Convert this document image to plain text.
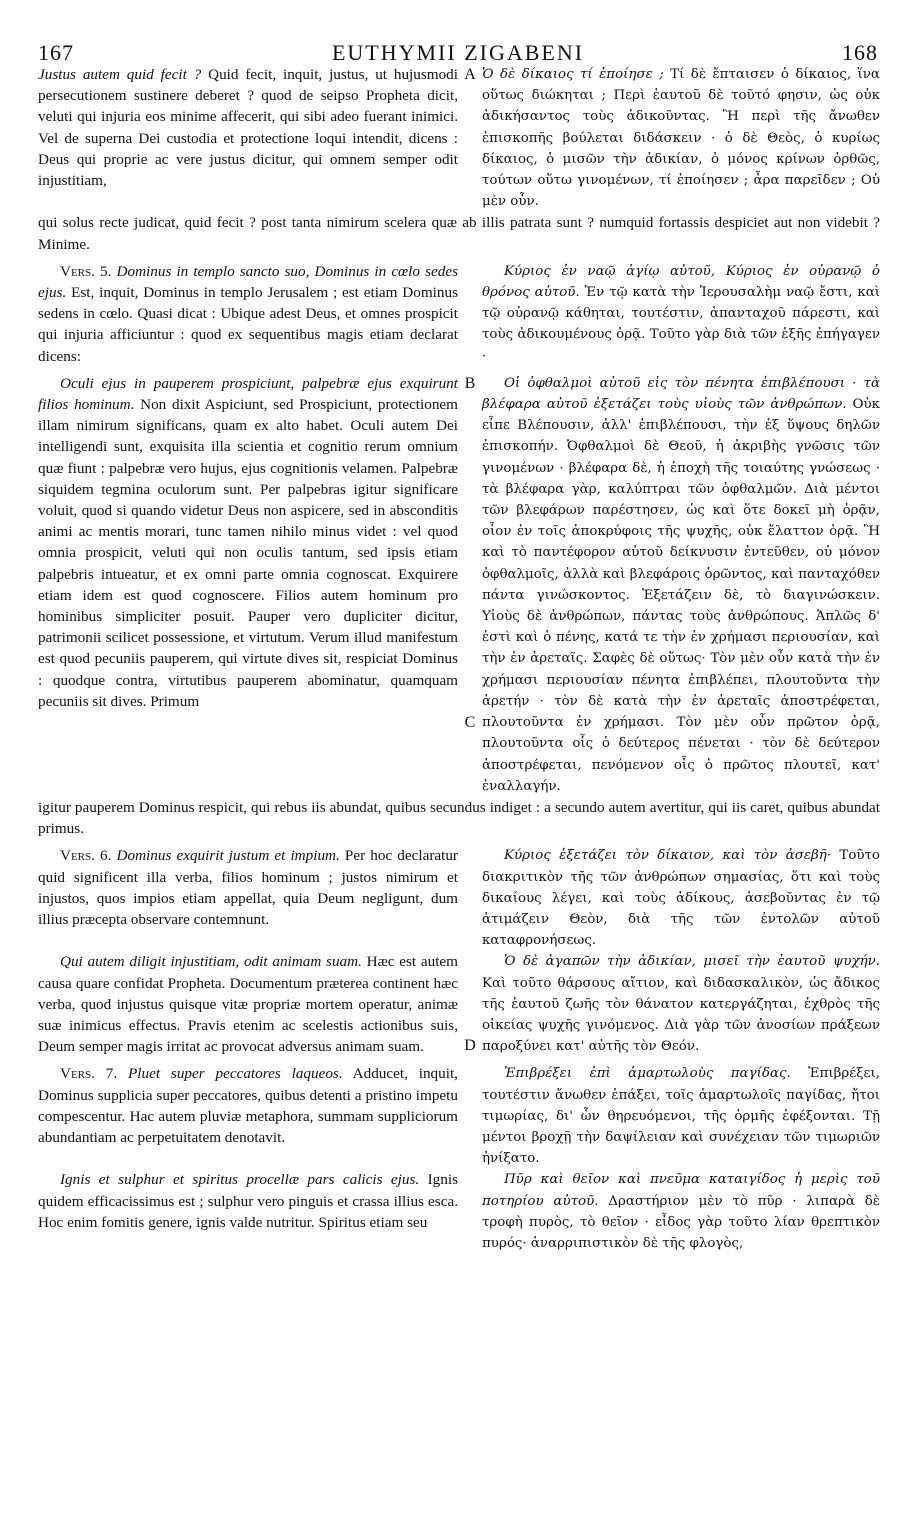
167	EUTHYMII ZIGABENI	168

Justus autem quid fecit ? Quid fecit, inquit, justus, ut hujusmodi persecutionem sustinere deberet ? quod de seipso Propheta dicit, veluti qui injuria eos minime affecerit, qui sibi adeo fuerant inimici. Vel de superna Dei custodia et protectione loqui intendit, dicens : Deus qui proprie ac vere justus dicitur, qui omnem semper odit injustitiam,

A Ὁ δὲ δίκαιος τί ἐποίησε ; Τί δὲ ἔπταισεν ὁ δίκαιος, ἵνα οὕτως διώκηται ; Περὶ ἑαυτοῦ δὲ τοῦτό φησιν, ὡς οὐκ ἀδικήσαντος τοὺς ἀδικοῦντας. Ἢ περὶ τῆς ἄνωθεν ἐπισκοπῆς βούλεται διδάσκειν · ὁ δὲ Θεὸς, ὁ κυρίως δίκαιος, ὁ μισῶν τὴν ἀδικίαν, ὁ μόνος κρίνων ὀρθῶς, τούτων οὕτω γινομένων, τί ἐποίησεν ; ἆρα παρεῖδεν ; Οὐ μὲν οὖν.

qui solus recte judicat, quid fecit ? post tanta nimirum scelera quæ ab illis patrata sunt ? numquid fortassis despiciet aut non videbit ? Minime.

Vers. 5. Dominus in templo sancto suo, Dominus in cœlo sedes ejus. Est, inquit, Dominus in templo Jerusalem ; est etiam Dominus sedens in cœlo. Quasi dicat : Ubique adest Deus, et omnes prospicit qui injuria afficiuntur : quod ex sequentibus magis etiam declarat dicens:

Κύριος ἐν ναῷ ἁγίῳ αὐτοῦ, Κύριος ἐν οὐρανῷ ὁ θρόνος αὐτοῦ. Ἐν τῷ κατὰ τὴν Ἱερουσαλὴμ ναῷ ἔστι, καὶ τῷ οὐρανῷ κάθηται, τουτέστιν, ἁπανταχοῦ πάρεστι, καὶ τοὺς ἀδικουμένους ὁρᾷ. Τοῦτο γὰρ διὰ τῶν ἑξῆς ἐπήγαγεν ·

Oculi ejus in pauperem prospiciunt, palpebræ ejus exquirunt filios hominum. Non dixit Aspiciunt, sed Prospiciunt, protectionem illam nimirum significans, quam ex alto habet. Oculi autem Dei intelligendi sunt, exquisita illa scientia et cognitio rerum omnium quæ fiunt : palpebræ vero hujus, ejus cognitionis velamen. Palpebræ siquidem tegmina oculorum sunt. Per palpebras igitur significare voluit, quod si quando videtur Deus non aspicere, sed in absconditis animi ac mentis morari, tunc tamen nihilo minus videt : vel quod omnia prospicit, veluti qui non oculis tantum, sed ipsis etiam palpebris intueatur, et ex omni parte omnia cognoscat. Exquirere etiam idem est quod cognoscere. Filios autem hominum pro hominibus simpliciter posuit. Pauper vero dupliciter dicitur, patrimonii scilicet possessione, et virtutum. Verum illud manifestum est quod pecuniis pauperem, qui virtute dives sit, respiciat Dominus : quodque contra, virtutibus pauperem abominatur, quamquam pecuniis sit dives. Primum

B
C

Οἱ ὀφθαλμοὶ αὐτοῦ εἰς τὸν πένητα ἐπιβλέπουσι · τὰ βλέφαρα αὐτοῦ ἐξετάζει τοὺς υἱοὺς τῶν ἀνθρώπων. Οὐκ εἶπε Βλέπουσιν, ἀλλ' ἐπιβλέπουσι, τὴν ἐξ ὕψους δηλῶν ἐπισκοπήν. Ὀφθαλμοὶ δὲ Θεοῦ, ἡ ἀκριβὴς γνῶσις τῶν γινομένων · βλέφαρα δὲ, ἡ ἐποχὴ τῆς τοιαύτης γνώσεως · τὰ βλέφαρα γὰρ, καλύπτραι τῶν ὀφθαλμῶν. Διὰ μέντοι τῶν βλεφάρων παρέστησεν, ὡς καὶ ὅτε δοκεῖ μὴ ὁρᾷν, οἷον ἐν τοῖς ἀποκρύφοις τῆς ψυχῆς, οὐκ ἔλαττον ὁρᾷ. Ἢ καὶ τὸ παντέφορον αὐτοῦ δείκνυσιν ἐντεῦθεν, οὐ μόνον ὀφθαλμοῖς, ἀλλὰ καὶ βλεφάροις ὁρῶντος, καὶ πανταχόθεν πάντα γινώσκοντος. Ἐξετάζειν δὲ, τὸ διαγινώσκειν. Υἱοὺς δὲ ἀνθρώπων, πάντας τοὺς ἀνθρώπους. Ἁπλῶς δ' ἐστὶ καὶ ὁ πένης, κατά τε τὴν ἐν χρήμασι περιουσίαν, καὶ τὴν ἐν ἀρεταῖς. Σαφὲς δὲ οὕτως· Τὸν μὲν οὖν κατὰ τὴν ἐν χρήμασι περιουσίαν πένητα ἐπιβλέπει, πλουτοῦντα τὴν ἀρετήν · τὸν δὲ κατὰ τὴν ἐν ἀρεταῖς ἀποστρέφεται, πλουτοῦντα ἐν χρήμασι. Τὸν μὲν οὖν πρῶτον ὁρᾷ, πλουτοῦντα οἷς ὁ δεύτερος πένεται · τὸν δὲ δεύτερον ἀποστρέφεται, πενόμενον οἷς ὁ πρῶτος πλουτεῖ, κατ' ἐναλλαγήν.

igitur pauperem Dominus respicit, qui rebus iis abundat, quibus secundus indiget : a secundo autem avertitur, qui iis caret, quibus abundat primus.

Vers. 6. Dominus exquirit justum et impium. Per hoc declaratur quid significent illa verba, filios hominum ; justos nimirum et injustos, quos impios etiam appellat, quia Deum negligunt, dum illius præcepta observare contemnunt.

Κύριος ἐξετάζει τὸν δίκαιον, καὶ τὸν ἀσεβῆ· Τοῦτο διακριτικὸν τῆς τῶν ἀνθρώπων σημασίας, ὅτι καὶ τοὺς δικαίους λέγει, καὶ τοὺς ἀδίκους, ἀσεβοῦντας ἐν τῷ ἀτιμάζειν Θεὸν, διὰ τῆς τῶν ἐντολῶν αὐτοῦ καταφρονήσεως.

Qui autem diligit injustitiam, odit animam suam. Hæc est autem causa quare confidat Propheta. Documentum præterea continent hæc verba, quod injustus quisque vitæ propriæ mortem operatur, animæ suæ inimicus effectus. Pravis etenim ac scelestis actionibus suis, Deum semper magis irritat ac provocat adversus animam suam.	D

Ὁ δὲ ἀγαπῶν τὴν ἀδικίαν, μισεῖ τὴν ἑαυτοῦ ψυχήν. Καὶ τοῦτο θάρσους αἴτιον, καὶ διδασκαλικὸν, ὡς ἄδικος τῆς ἑαυτοῦ ζωῆς τὸν θάνατον κατεργάζηται, ἐχθρὸς τῆς οἰκείας ψυχῆς γινόμενος. Διὰ γὰρ τῶν ἀνοσίων πράξεων παροξύνει κατ' αὐτῆς τὸν Θεόν.

Vers. 7. Pluet super peccatores laqueos. Adducet, inquit, Dominus supplicia super peccatores, quibus detenti a pristino impetu compescentur. Hac autem pluviæ metaphora, summam suppliciorum abundantiam ac perpetuitatem denotavit.

Ἐπιβρέξει ἐπὶ ἁμαρτωλοὺς παγίδας. Ἐπιβρέξει, τουτέστιν ἄνωθεν ἐπάξει, τοῖς ἁμαρτωλοῖς παγίδας, ἤτοι τιμωρίας, δι' ὧν θηρευόμενοι, τῆς ὁρμῆς ἐφέξονται. Τῇ μέντοι βροχῇ τὴν δαψίλειαν καὶ συνέχειαν τῶν τιμωριῶν ἠνίξατο.

Ignis et sulphur et spiritus procellæ pars calicis ejus. Ignis quidem efficacissimus est ; sulphur vero pinguis et crassa illius esca. Hoc enim fomitis genere, ignis valde nutritur. Spiritus etiam seu

Πῦρ καὶ θεῖον καὶ πνεῦμα καταιγίδος ἡ μερὶς τοῦ ποτηρίου αὐτοῦ. Δραστήριον μὲν τὸ πῦρ · λιπαρὰ δὲ τροφὴ πυρὸς, τὸ θεῖον · εἶδος γὰρ τοῦτο λίαν θρεπτικὸν πυρός· ἀναρριπιστικὸν δὲ τῆς φλογὸς,
